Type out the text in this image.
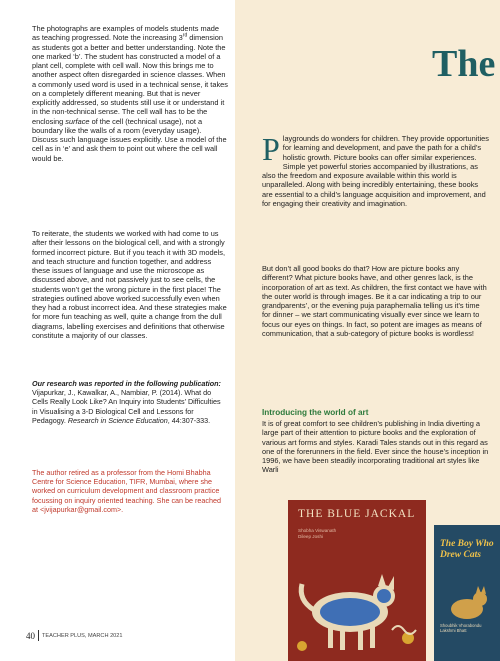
The photographs are examples of models students made as teaching progressed. Note the increasing 3rd dimension as students got a better and better understanding. Note the one marked ‘b’. The student has constructed a model of a plant cell, complete with cell wall. Now this brings me to another aspect often disregarded in science classes. When a commonly used word is used in a technical sense, it takes on a completely different meaning. But that is never explicitly addressed, so students still use it or understand it in the non-technical sense. The cell wall has to be the enclosing surface of the cell (technical usage), not a boundary like the walls of a room (everyday usage). Discuss such language issues explicitly. Use a model of the cell as in ‘e’ and ask them to point out where the cell wall would be.

To reiterate, the students we worked with had come to us after their lessons on the biological cell, and with a strongly formed incorrect picture. But if you teach it with 3D models, and teach structure and function together, and address these issues of language and use the microscope as discussed above, and not passively just to see cells, the students won’t get the wrong picture in the first place! The strategies outlined above worked successfully even when they had a robust incorrect idea. And these strategies make for more fun teaching as well, quite a change from the dull diagrams, labelling exercises and definitions that otherwise constitute a majority of our classes.

Our research was reported in the following publication: Vijapurkar, J., Kawalkar, A., Nambiar, P. (2014). What do Cells Really Look Like? An Inquiry into Students’ Difficulties in Visualising a 3-D Biological Cell and Lessons for Pedagogy. Research in Science Education, 44:307-333.

The author retired as a professor from the Homi Bhabha Centre for Science Education, TIFR, Mumbai, where she worked on curriculum development and classroom practice focussing on inquiry oriented teaching. She can be reached at <jvijapurkar@gmail.com>.

The

Playgrounds do wonders for children. They provide opportunities for learning and development, and pave the path for a child’s holistic growth. Picture books can offer similar experiences. Simple yet powerful stories accompanied by illustrations, as also the freedom and exposure available within this world is unparalleled. Along with being incredibly entertaining, these books are essential to a child’s language acquisition and improvement, and for engaging their creativity and imagination.

But don’t all good books do that? How are picture books any different? What picture books have, and other genres lack, is the incorporation of art as text. As children, the first contact we have with the outer world is through images. Be it a car indicating a trip to our grandparents’, or the evening puja paraphernalia telling us it’s time for dinner – we start communicating visually ever since we learn to focus our eyes on things. In fact, so potent are images as means of communication, that a sub-category of picture books is wordless!

Introducing the world of art

It is of great comfort to see children’s publishing in India diverting a large part of their attention to picture books and the exploration of various art forms and styles. Karadi Tales stands out in this regard as one of the forerunners in the field. Ever since the house’s inception in 1996, we have been steadily incorporating traditional art styles like Warli

THE BLUE JACKAL
Shobha Viswanath
Dileep Joshi
The Boy Who Drew Cats
Shoubhik Vhorabondu
Lakshmi Bhatt
40 TEACHER PLUS, MARCH 2021
